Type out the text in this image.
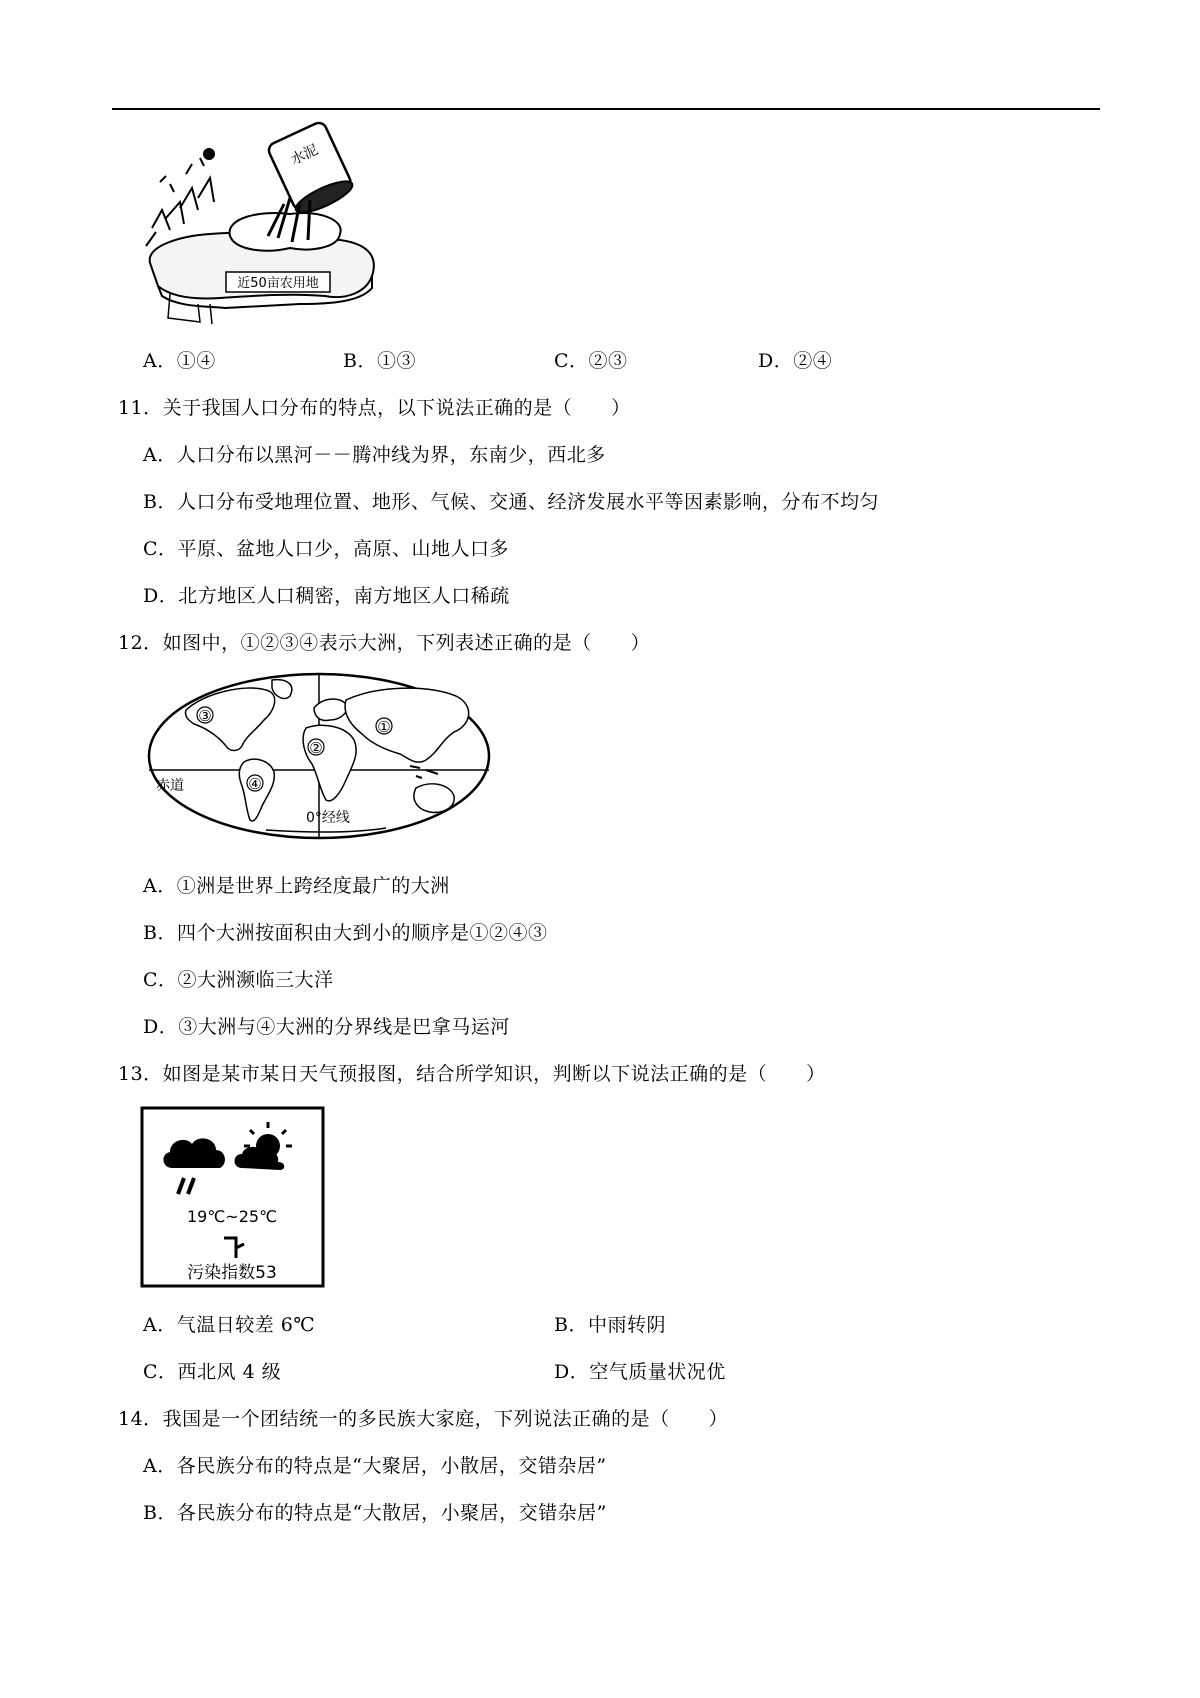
水泥
近50亩农用地
A．①④	B．①③	C．②③	D．②④
11．关于我国人口分布的特点，以下说法正确的是（　　）
A．人口分布以黑河－－腾冲线为界，东南少，西北多
B．人口分布受地理位置、地形、气候、交通、经济发展水平等因素影响，分布不均匀
C．平原、盆地人口少，高原、山地人口多
D．北方地区人口稠密，南方地区人口稀疏
12．如图中，①②③④表示大洲，下列表述正确的是（　　）
①
②
③
④
赤道
0°经线
A．①洲是世界上跨经度最广的大洲
B．四个大洲按面积由大到小的顺序是①②④③
C．②大洲濒临三大洋
D．③大洲与④大洲的分界线是巴拿马运河
13．如图是某市某日天气预报图，结合所学知识，判断以下说法正确的是（　　）
19℃~25℃
污染指数53
A．气温日较差 6℃	B．中雨转阴
C．西北风 4 级	D．空气质量状况优
14．我国是一个团结统一的多民族大家庭，下列说法正确的是（　　）
A．各民族分布的特点是“大聚居，小散居，交错杂居”
B．各民族分布的特点是“大散居，小聚居，交错杂居”
